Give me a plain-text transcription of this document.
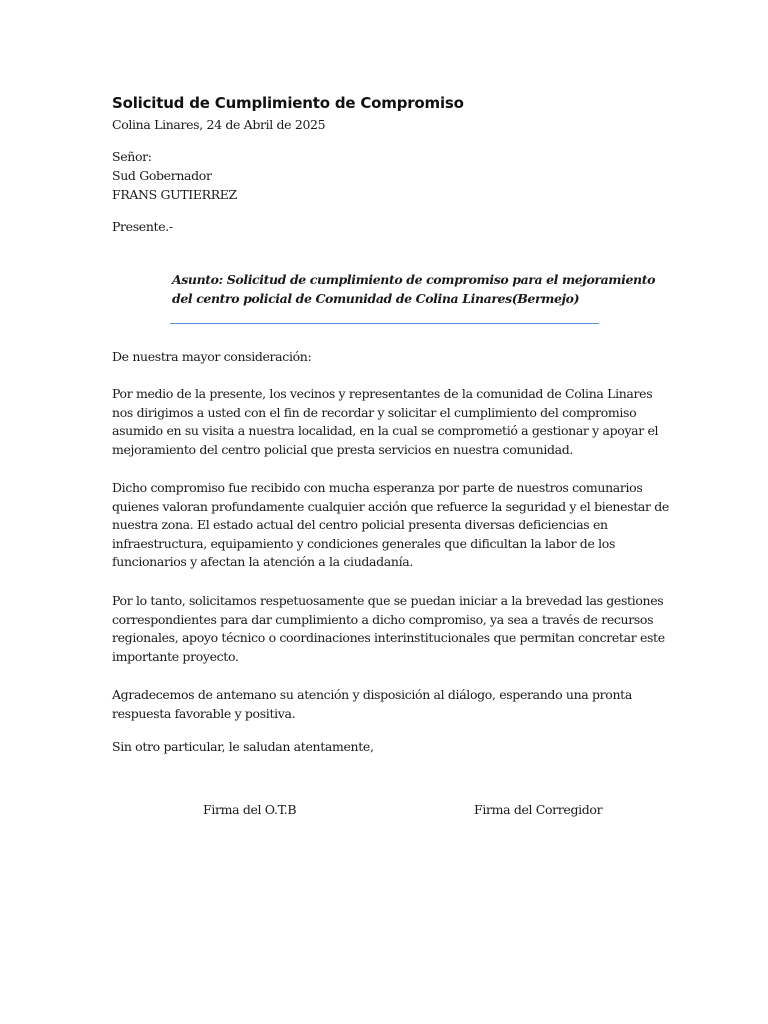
Solicitud de Cumplimiento de Compromiso
Colina Linares, 24 de Abril de 2025
Señor:
Sud Gobernador
FRANS GUTIERREZ
Presente.-
Asunto: Solicitud de cumplimiento de compromiso para el mejoramiento
del centro policial de Comunidad de Colina Linares(Bermejo)
De nuestra mayor consideración:
Por medio de la presente, los vecinos y representantes de la comunidad de Colina Linares
nos dirigimos a usted con el fin de recordar y solicitar el cumplimiento del compromiso
asumido en su visita a nuestra localidad, en la cual se comprometió a gestionar y apoyar el
mejoramiento del centro policial que presta servicios en nuestra comunidad.
Dicho compromiso fue recibido con mucha esperanza por parte de nuestros comunarios
quienes valoran profundamente cualquier acción que refuerce la seguridad y el bienestar de
nuestra zona. El estado actual del centro policial presenta diversas deficiencias en
infraestructura, equipamiento y condiciones generales que dificultan la labor de los
funcionarios y afectan la atención a la ciudadanía.
Por lo tanto, solicitamos respetuosamente que se puedan iniciar a la brevedad las gestiones
correspondientes para dar cumplimiento a dicho compromiso, ya sea a través de recursos
regionales, apoyo técnico o coordinaciones interinstitucionales que permitan concretar este
importante proyecto.
Agradecemos de antemano su atención y disposición al diálogo, esperando una pronta
respuesta favorable y positiva.
Sin otro particular, le saludan atentamente,
Firma del O.T.B	Firma del Corregidor
